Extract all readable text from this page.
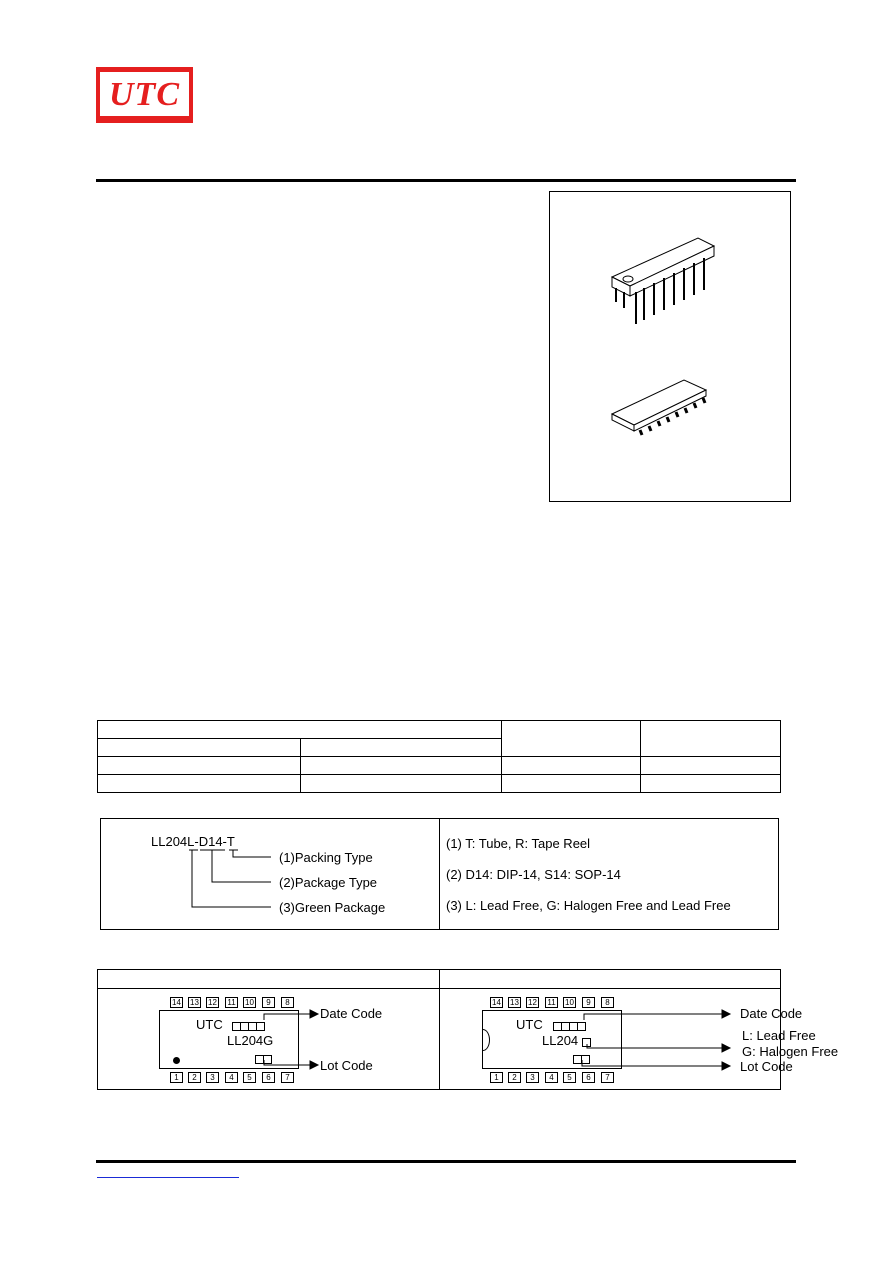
UTC

LL204L-D14-T
(1)Packing Type
(2)Package Type
(3)Green Package
(1) T: Tube, R: Tape Reel
(2) D14: DIP-14, S14: SOP-14
(3) L: Lead Free, G: Halogen Free and Lead Free
14 13 12 11 10	9	8
1	2	3	4	5	6	7
UTC
LL204G
Date Code
Lot Code
14 13 12 11 10	9	8
1	2	3	4	5	6	7
UTC
LL204
Date Code
L: Lead Free
G: Halogen Free
Lot Code
